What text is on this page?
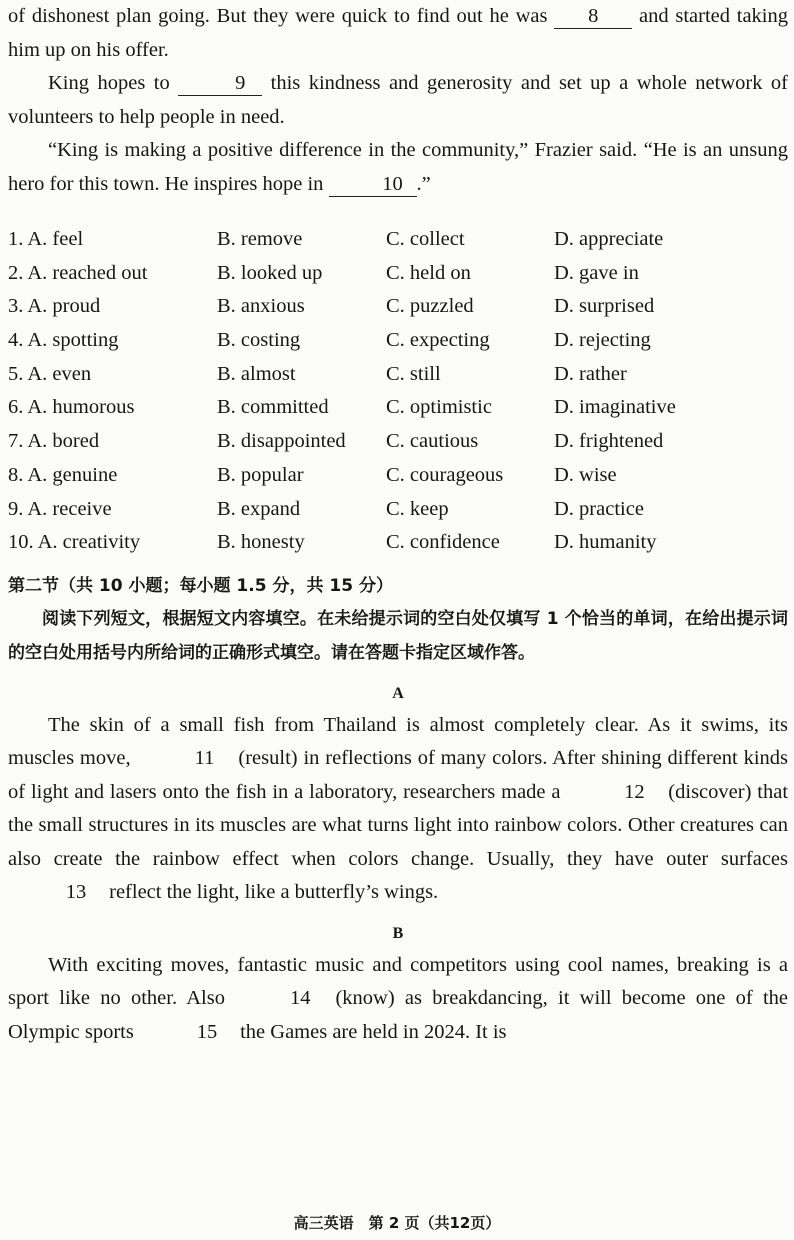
of dishonest plan going. But they were quick to find out he was 8 and started taking him up on his offer.

King hopes to	9 this kindness and generosity and set up a whole network of volunteers to help people in need.

“King is making a positive difference in the community,” Frazier said. “He is an unsung hero for this town. He inspires hope in	10 .”

1. A. feel	B. remove	C. collect	D. appreciate
2. A. reached out	B. looked up	C. held on	D. gave in
3. A. proud	B. anxious	C. puzzled	D. surprised
4. A. spotting	B. costing	C. expecting	D. rejecting
5. A. even	B. almost	C. still	D. rather
6. A. humorous	B. committed	C. optimistic	D. imaginative
7. A. bored	B. disappointed	C. cautious	D. frightened
8. A. genuine	B. popular	C. courageous	D. wise
9. A. receive	B. expand	C. keep	D. practice
10. A. creativity	B. honesty	C. confidence	D. humanity
第二节（共 10 小题；每小题 1.5 分，共 15 分）

阅读下列短文，根据短文内容填空。在未给提示词的空白处仅填写 1 个恰当的单词，在给出提示词的空白处用括号内所给词的正确形式填空。请在答题卡指定区域作答。

A

The skin of a small fish from Thailand is almost completely clear. As it swims, its muscles move,	11 (result) in reflections of many colors. After shining different kinds of light and lasers onto the fish in a laboratory, researchers made a	12 (discover) that the small structures in its muscles are what turns light into rainbow colors. Other creatures can also create the rainbow effect when colors change. Usually, they have outer surfaces 13 reflect the light, like a butterfly’s wings.

B

With exciting moves, fantastic music and competitors using cool names, breaking is a sport like no other. Also	14 (know) as breakdancing, it will become one of the Olympic sports	15 the Games are held in 2024. It is

高三英语　第 2 页（共12页）
